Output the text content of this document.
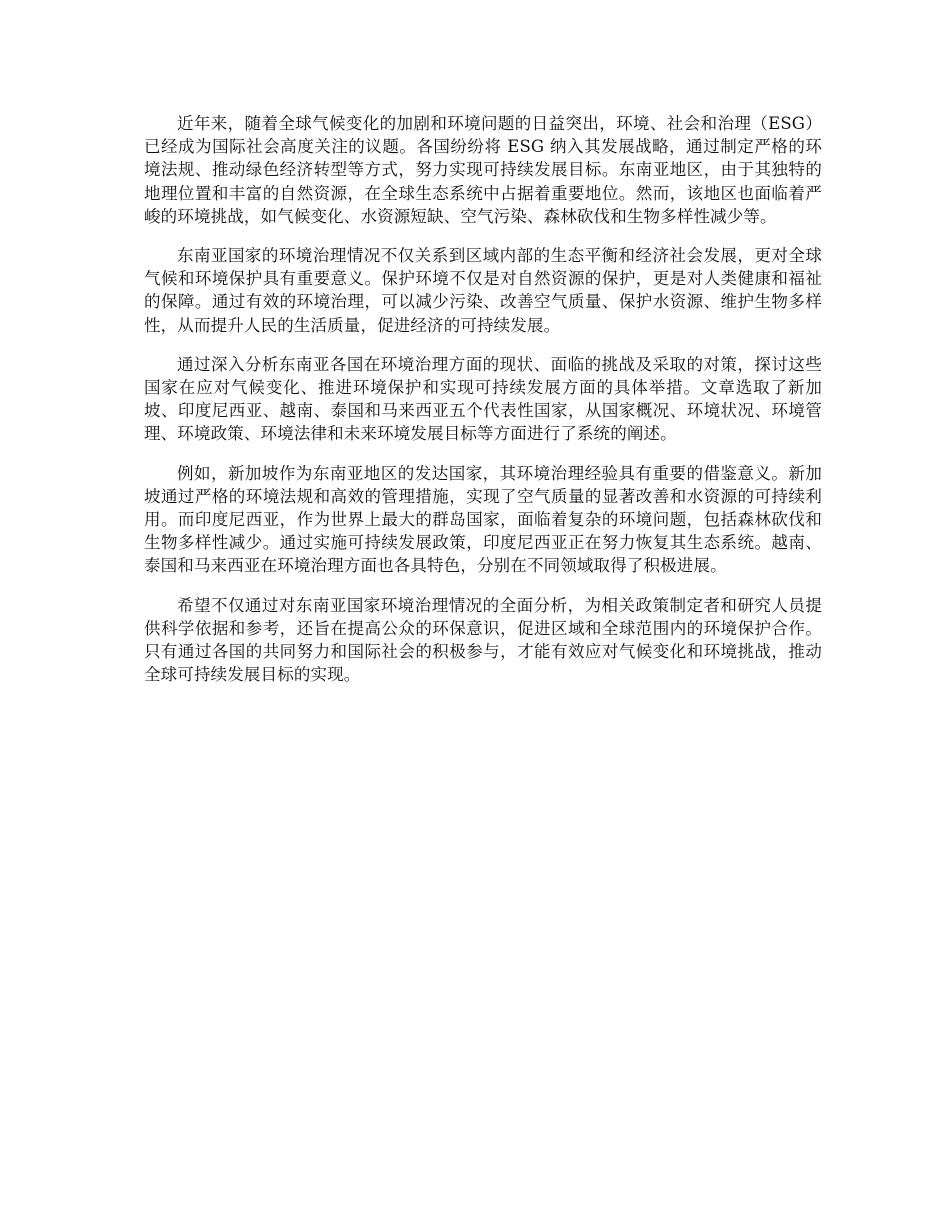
近年来，随着全球气候变化的加剧和环境问题的日益突出，环境、社会和治理（ESG）已经成为国际社会高度关注的议题。各国纷纷将 ESG 纳入其发展战略，通过制定严格的环境法规、推动绿色经济转型等方式，努力实现可持续发展目标。东南亚地区，由于其独特的地理位置和丰富的自然资源，在全球生态系统中占据着重要地位。然而，该地区也面临着严峻的环境挑战，如气候变化、水资源短缺、空气污染、森林砍伐和生物多样性减少等。

东南亚国家的环境治理情况不仅关系到区域内部的生态平衡和经济社会发展，更对全球气候和环境保护具有重要意义。保护环境不仅是对自然资源的保护，更是对人类健康和福祉的保障。通过有效的环境治理，可以减少污染、改善空气质量、保护水资源、维护生物多样性，从而提升人民的生活质量，促进经济的可持续发展。

通过深入分析东南亚各国在环境治理方面的现状、面临的挑战及采取的对策，探讨这些国家在应对气候变化、推进环境保护和实现可持续发展方面的具体举措。文章选取了新加坡、印度尼西亚、越南、泰国和马来西亚五个代表性国家，从国家概况、环境状况、环境管理、环境政策、环境法律和未来环境发展目标等方面进行了系统的阐述。

例如，新加坡作为东南亚地区的发达国家，其环境治理经验具有重要的借鉴意义。新加坡通过严格的环境法规和高效的管理措施，实现了空气质量的显著改善和水资源的可持续利用。而印度尼西亚，作为世界上最大的群岛国家，面临着复杂的环境问题，包括森林砍伐和生物多样性减少。通过实施可持续发展政策，印度尼西亚正在努力恢复其生态系统。越南、泰国和马来西亚在环境治理方面也各具特色，分别在不同领域取得了积极进展。

希望不仅通过对东南亚国家环境治理情况的全面分析，为相关政策制定者和研究人员提供科学依据和参考，还旨在提高公众的环保意识，促进区域和全球范围内的环境保护合作。只有通过各国的共同努力和国际社会的积极参与，才能有效应对气候变化和环境挑战，推动全球可持续发展目标的实现。
